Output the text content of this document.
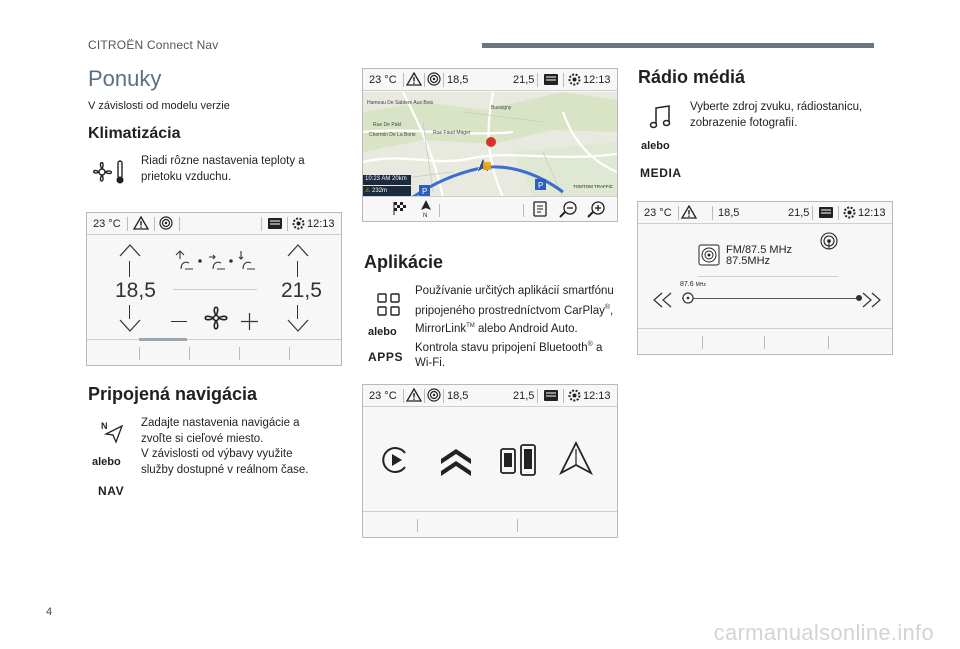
CITROËN Connect Nav
Ponuky
V závislosti od modelu verzie
Klimatizácia
Riadi rôzne nastavenia teploty a
prietoku vzduchu.
23 °C	12:13
18,5	21,5
Pripojená navigácia
N
alebo
NAV
Zadajte nastavenia navigácie a
zvoľte si cieľové miesto.
V závislosti od výbavy využite
služby dostupné v reálnom čase.
23 °C	18,5	21,5	12:13
P
P
Hameau De Sabiere Aux Bois
Bussigny
Rue Faud Mager
Rue De Pakt
Chermin De La Borie
10:23 AM 20km
⚠ 232m
TOMTOM TRAFFIC
N
Aplikácie
alebo
APPS
Používanie určitých aplikácií smartfónu
pripojeného prostredníctvom CarPlay®,
MirrorLink™ alebo Android Auto.
Kontrola stavu pripojení Bluetooth® a
Wi-Fi.
23 °C	18,5	21,5	12:13
Rádio médiá
alebo
MEDIA
Vyberte zdroj zvuku, rádiostanicu,
zobrazenie fotografií.
23 °C	18,5	21,5	12:13
FM/87.5 MHz
87.5MHz
87.6 MHz
4
carmanualsonline.info
